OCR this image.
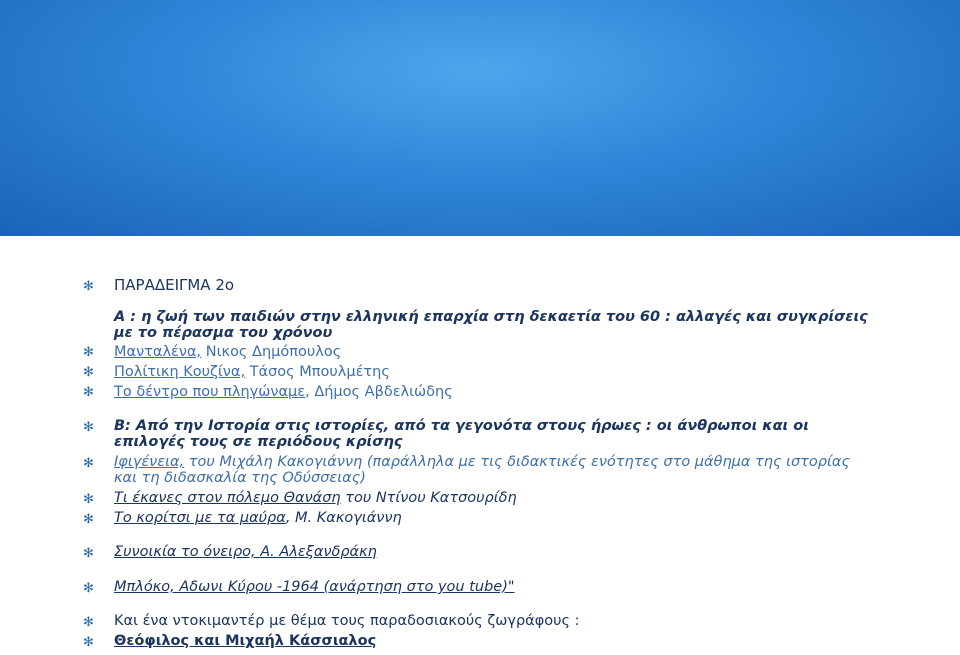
✻ ΠΑΡΑΔΕΙΓΜΑ 2ο
Α : η ζωή των παιδιών στην ελληνική επαρχία στη δεκαετία του 60 : αλλαγές και συγκρίσεις με το πέρασμα του χρόνου
✻ Μανταλένα, Νικος Δημόπουλος
✻ Πολίτικη Κουζίνα, Τάσος Μπουλμέτης
✻ Το δέντρο που πληγώναμε, Δήμος Αβδελιώδης
✻ Β: Από την Ιστορία στις ιστορίες, από τα γεγονότα στους ήρωες : οι άνθρωποι και οι επιλογές τους σε περιόδους κρίσης
✻ Ιφιγένεια, του Μιχάλη Κακογιάννη (παράλληλα με τις διδακτικές ενότητες στο μάθημα της ιστορίας και τη διδασκαλία της Οδύσσειας)
✻ Τι έκανες στον πόλεμο Θανάση του Ντίνου Κατσουρίδη
✻ Το κορίτσι με τα μαύρα, Μ. Κακογιάννη
✻ Συνοικία το όνειρο, Α. Αλεξανδράκη
✻ Μπλόκο, Αδωνι Κύρου -1964 (ανάρτηση στο you tube)"
✻ Και ένα ντοκιμαντέρ με θέμα τους παραδοσιακούς ζωγράφους :
✻ Θεόφιλος και Μιχαήλ Κάσσιαλος
